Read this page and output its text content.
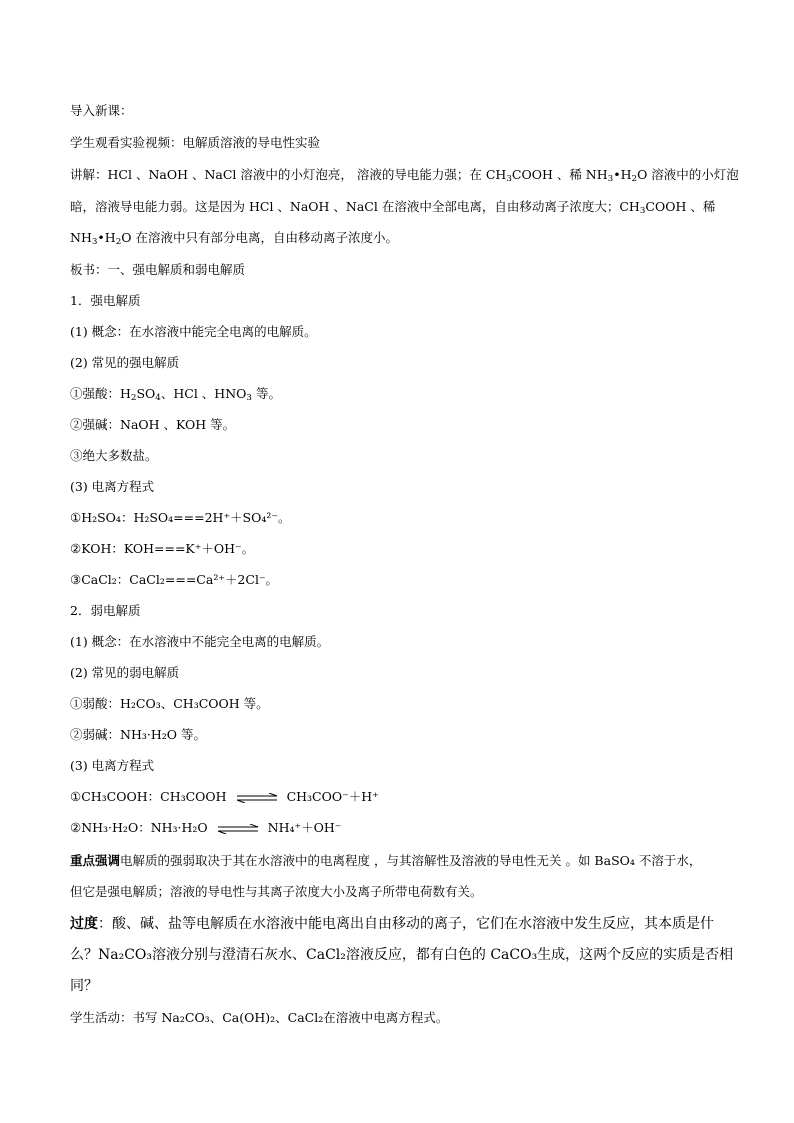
导入新课：
学生观看实验视频：电解质溶液的导电性实验
讲解：HCl 、NaOH 、NaCl 溶液中的小灯泡亮， 溶液的导电能力强；在 $CH_3COOH$ 、稀 $NH_3•H_2O$ 溶液中的小灯泡
暗，溶液导电能力弱。这是因为 HCl 、NaOH 、NaCl 在溶液中全部电离，自由移动离子浓度大；$CH_3COOH$ 、稀
$NH_3•H_2O$ 在溶液中只有部分电离，自由移动离子浓度小。
板书：一、强电解质和弱电解质
1．强电解质
(1) 概念：在水溶液中能完全电离的电解质。
(2) 常见的强电解质
①强酸：$H_2SO_4$、HCl 、$HNO_3$ 等。
②强碱：NaOH 、KOH 等。
③绝大多数盐。
(3) 电离方程式
①H₂SO₄：H₂SO₄===2H⁺＋SO₄²⁻。
②KOH：KOH===K⁺＋OH⁻。
③CaCl₂：CaCl₂===Ca²⁺＋2Cl⁻。
2．弱电解质
(1) 概念：在水溶液中不能完全电离的电解质。
(2) 常见的弱电解质
①弱酸：H₂CO₃、CH₃COOH 等。
②弱碱：NH₃·H₂O 等。
(3) 电离方程式
①CH₃COOH：CH₃COOH ⇌ CH₃COO⁻＋H⁺
②NH₃·H₂O：NH₃·H₂O ⇌ NH₄⁺＋OH⁻
重点强调电解质的强弱取决于其在水溶液中的电离程度 ，与其溶解性及溶液的导电性无关 。如 BaSO₄ 不溶于水，
但它是强电解质；溶液的导电性与其离子浓度大小及离子所带电荷数有关。
过度：酸、碱、盐等电解质在水溶液中能电离出自由移动的离子，它们在水溶液中发生反应，其本质是什
么？Na₂CO₃溶液分别与澄清石灰水、CaCl₂溶液反应，都有白色的 CaCO₃生成，这两个反应的实质是否相
同？
学生活动：书写 Na₂CO₃、Ca(OH)₂、CaCl₂在溶液中电离方程式。
